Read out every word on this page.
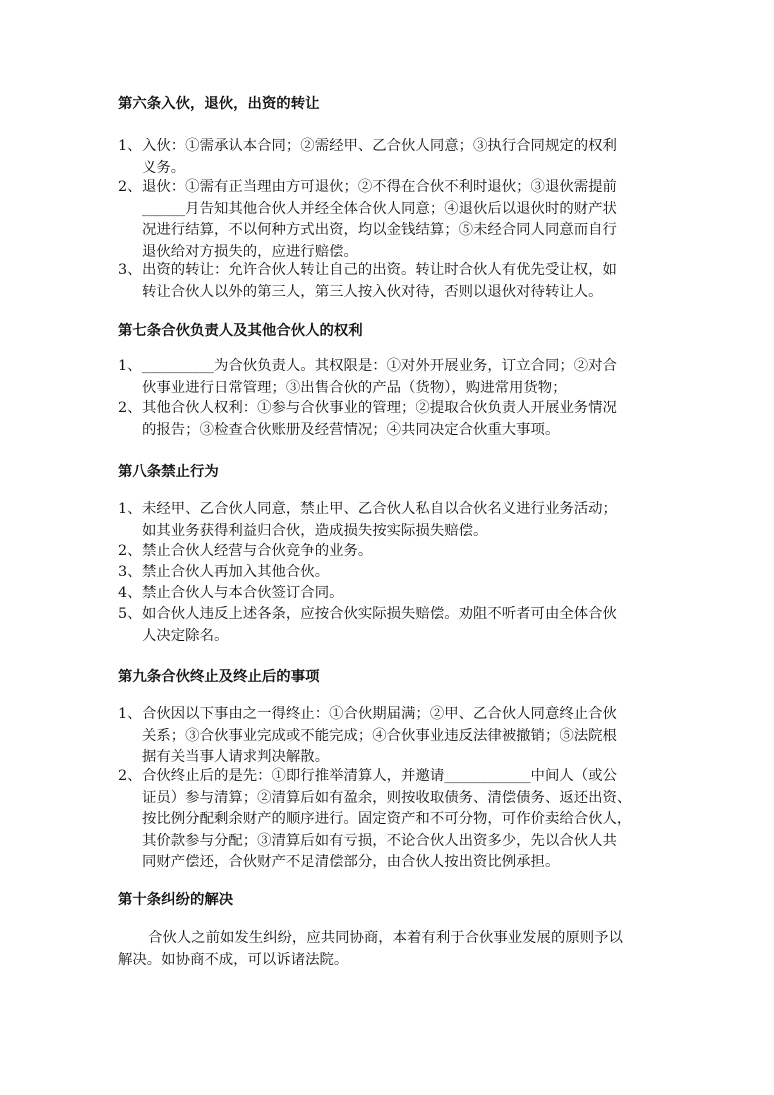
第六条入伙，退伙，出资的转让
1、 入伙：①需承认本合同；②需经甲、乙合伙人同意；③执行合同规定的权利
义务。
2、 退伙：①需有正当理由方可退伙；②不得在合伙不利时退伙；③退伙需提前
______月告知其他合伙人并经全体合伙人同意；④退伙后以退伙时的财产状
况进行结算，不以何种方式出资，均以金钱结算；⑤未经合同人同意而自行
退伙给对方损失的，应进行赔偿。
3、 出资的转让：允许合伙人转让自己的出资。转让时合伙人有优先受让权，如
转让合伙人以外的第三人，第三人按入伙对待，否则以退伙对待转让人。
第七条合伙负责人及其他合伙人的权利
1、 __________为合伙负责人。其权限是：①对外开展业务，订立合同；②对合
伙事业进行日常管理；③出售合伙的产品（货物），购进常用货物；
2、 其他合伙人权利：①参与合伙事业的管理；②提取合伙负责人开展业务情况
的报告；③检查合伙账册及经营情况；④共同决定合伙重大事项。
第八条禁止行为
1、 未经甲、乙合伙人同意，禁止甲、乙合伙人私自以合伙名义进行业务活动；
如其业务获得利益归合伙，造成损失按实际损失赔偿。
2、 禁止合伙人经营与合伙竞争的业务。
3、 禁止合伙人再加入其他合伙。
4、 禁止合伙人与本合伙签订合同。
5、 如合伙人违反上述各条，应按合伙实际损失赔偿。劝阻不听者可由全体合伙
人决定除名。
第九条合伙终止及终止后的事项
1、 合伙因以下事由之一得终止：①合伙期届满；②甲、乙合伙人同意终止合伙
关系；③合伙事业完成或不能完成；④合伙事业违反法律被撤销；⑤法院根
据有关当事人请求判决解散。
2、 合伙终止后的是先：①即行推举清算人，并邀请____________中间人（或公
证员）参与清算；②清算后如有盈余，则按收取债务、清偿债务、返还出资、
按比例分配剩余财产的顺序进行。固定资产和不可分物，可作价卖给合伙人，
其价款参与分配；③清算后如有亏损，不论合伙人出资多少，先以合伙人共
同财产偿还，合伙财产不足清偿部分，由合伙人按出资比例承担。
第十条纠纷的解决
合伙人之前如发生纠纷，应共同协商，本着有利于合伙事业发展的原则予以
解决。如协商不成，可以诉诸法院。
